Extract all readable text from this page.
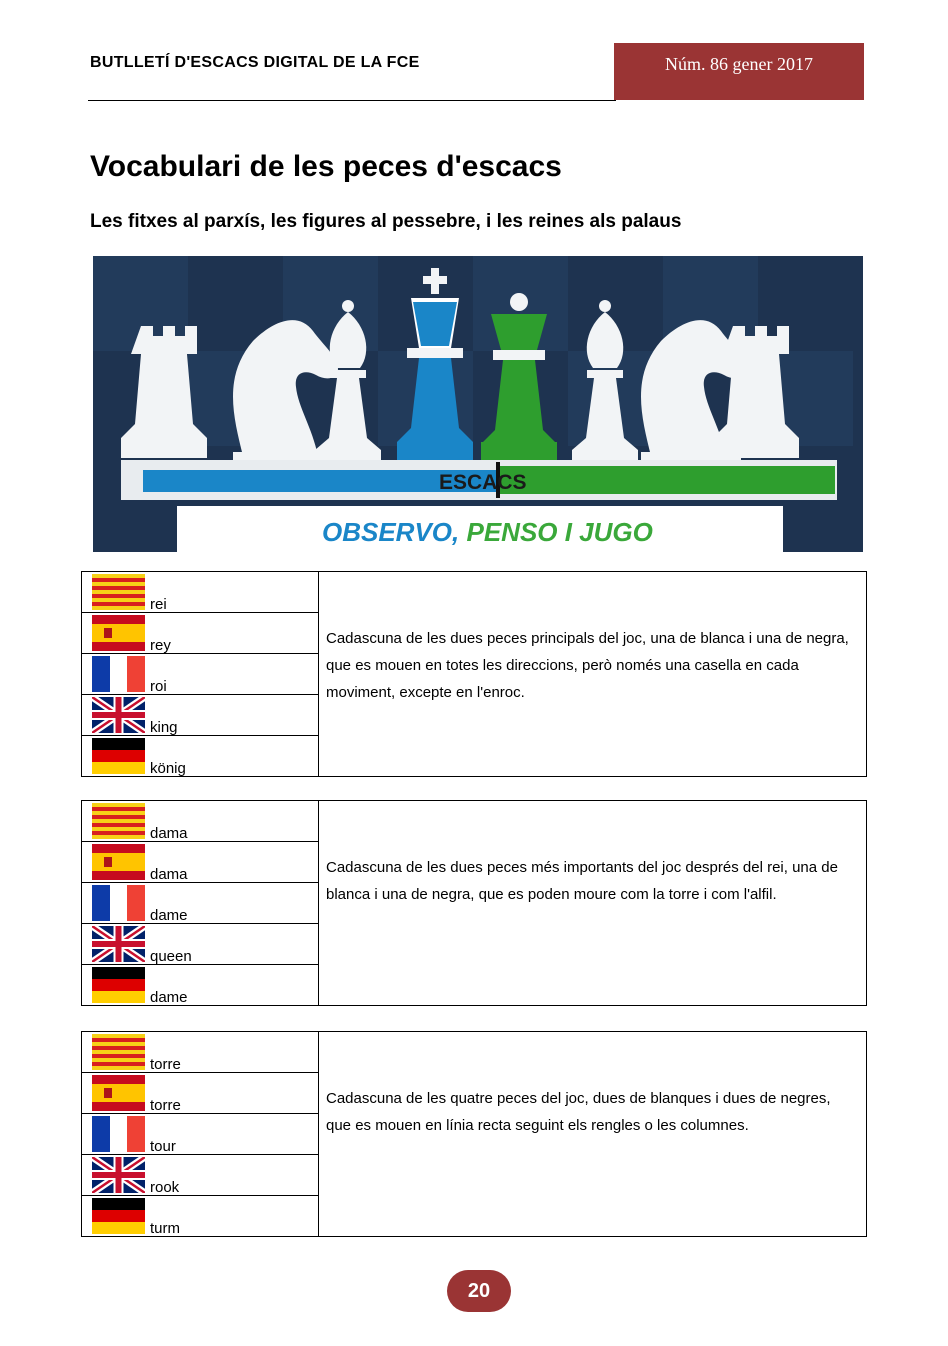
BUTLLETÍ D'ESCACS DIGITAL DE LA FCE	Núm. 86 gener 2017
Vocabulari de les peces d'escacs
Les fitxes al parxís, les figures al pessebre, i les reines als palaus
ESCACS
OBSERVO, PENSO I JUGO
rei
rey
roi
king
könig
Cadascuna de les dues peces principals del joc, una de blanca i una de negra, que es mouen en totes les direccions, però només una casella en cada moviment, excepte en l'enroc.
dama
dama
dame
queen
dame
Cadascuna de les dues peces més importants del joc després del rei, una de blanca i una de negra, que es poden moure com la torre i com l'alfil.
torre
torre
tour
rook
turm
Cadascuna de les quatre peces del joc, dues de blanques i dues de negres, que es mouen en línia recta seguint els rengles o les columnes.
20
